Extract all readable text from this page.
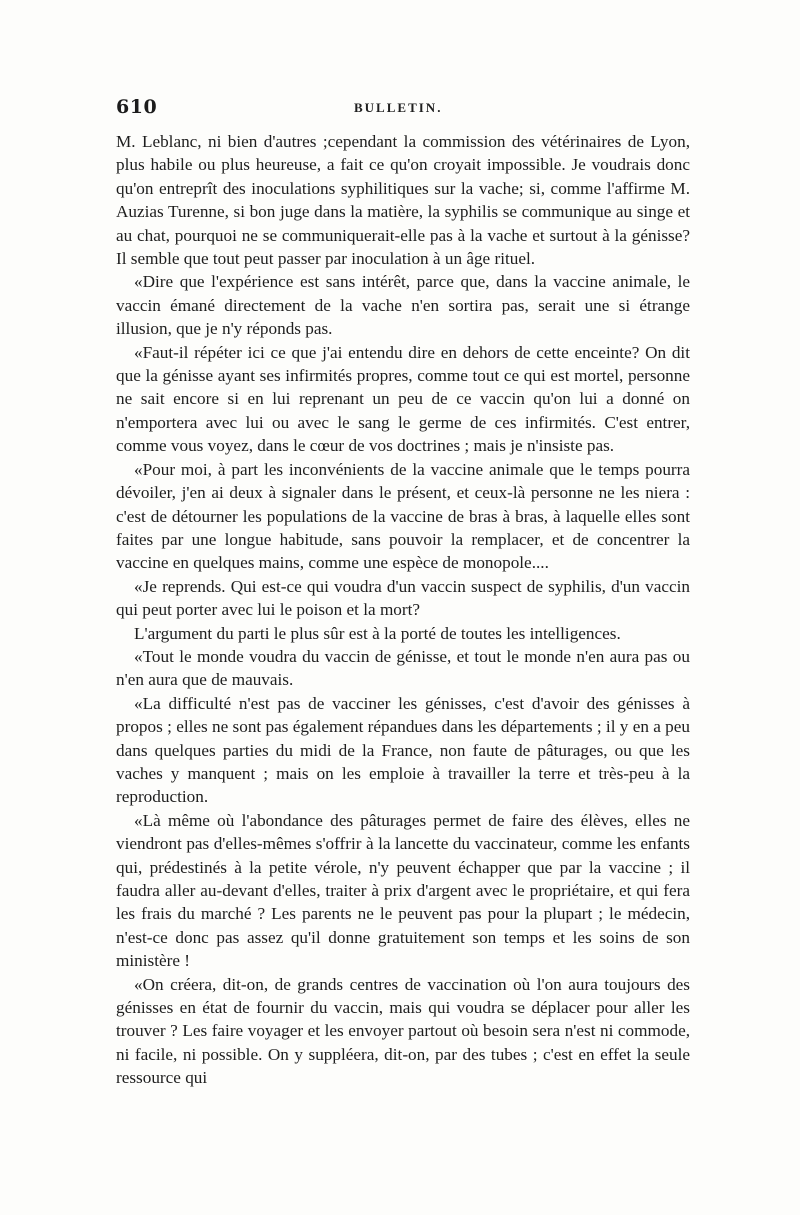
610	BULLETIN.

M. Leblanc, ni bien d'autres ;cependant la commission des vétérinaires de Lyon, plus habile ou plus heureuse, a fait ce qu'on croyait impossible. Je voudrais donc qu'on entreprît des inoculations syphilitiques sur la vache; si, comme l'affirme M. Auzias Turenne, si bon juge dans la matière, la syphilis se communique au singe et au chat, pourquoi ne se communiquerait-elle pas à la vache et surtout à la génisse? Il semble que tout peut passer par inoculation à un âge rituel.

«Dire que l'expérience est sans intérêt, parce que, dans la vaccine animale, le vaccin émané directement de la vache n'en sortira pas, serait une si étrange illusion, que je n'y réponds pas.

«Faut-il répéter ici ce que j'ai entendu dire en dehors de cette enceinte? On dit que la génisse ayant ses infirmités propres, comme tout ce qui est mortel, personne ne sait encore si en lui reprenant un peu de ce vaccin qu'on lui a donné on n'emportera avec lui ou avec le sang le germe de ces infirmités. C'est entrer, comme vous voyez, dans le cœur de vos doctrines ; mais je n'insiste pas.

«Pour moi, à part les inconvénients de la vaccine animale que le temps pourra dévoiler, j'en ai deux à signaler dans le présent, et ceux-là personne ne les niera : c'est de détourner les populations de la vaccine de bras à bras, à laquelle elles sont faites par une longue habitude, sans pouvoir la remplacer, et de concentrer la vaccine en quelques mains, comme une espèce de monopole....

«Je reprends. Qui est-ce qui voudra d'un vaccin suspect de syphilis, d'un vaccin qui peut porter avec lui le poison et la mort?

L'argument du parti le plus sûr est à la porté de toutes les intelligences.

«Tout le monde voudra du vaccin de génisse, et tout le monde n'en aura pas ou n'en aura que de mauvais.

«La difficulté n'est pas de vacciner les génisses, c'est d'avoir des génisses à propos ; elles ne sont pas également répandues dans les départements ; il y en a peu dans quelques parties du midi de la France, non faute de pâturages, ou que les vaches y manquent ; mais on les emploie à travailler la terre et très-peu à la reproduction.

«Là même où l'abondance des pâturages permet de faire des élèves, elles ne viendront pas d'elles-mêmes s'offrir à la lancette du vaccinateur, comme les enfants qui, prédestinés à la petite vérole, n'y peuvent échapper que par la vaccine ; il faudra aller au-devant d'elles, traiter à prix d'argent avec le propriétaire, et qui fera les frais du marché ? Les parents ne le peuvent pas pour la plupart ; le médecin, n'est-ce donc pas assez qu'il donne gratuitement son temps et les soins de son ministère !

«On créera, dit-on, de grands centres de vaccination où l'on aura toujours des génisses en état de fournir du vaccin, mais qui voudra se déplacer pour aller les trouver ? Les faire voyager et les envoyer partout où besoin sera n'est ni commode, ni facile, ni possible. On y suppléera, dit-on, par des tubes ; c'est en effet la seule ressource qui
